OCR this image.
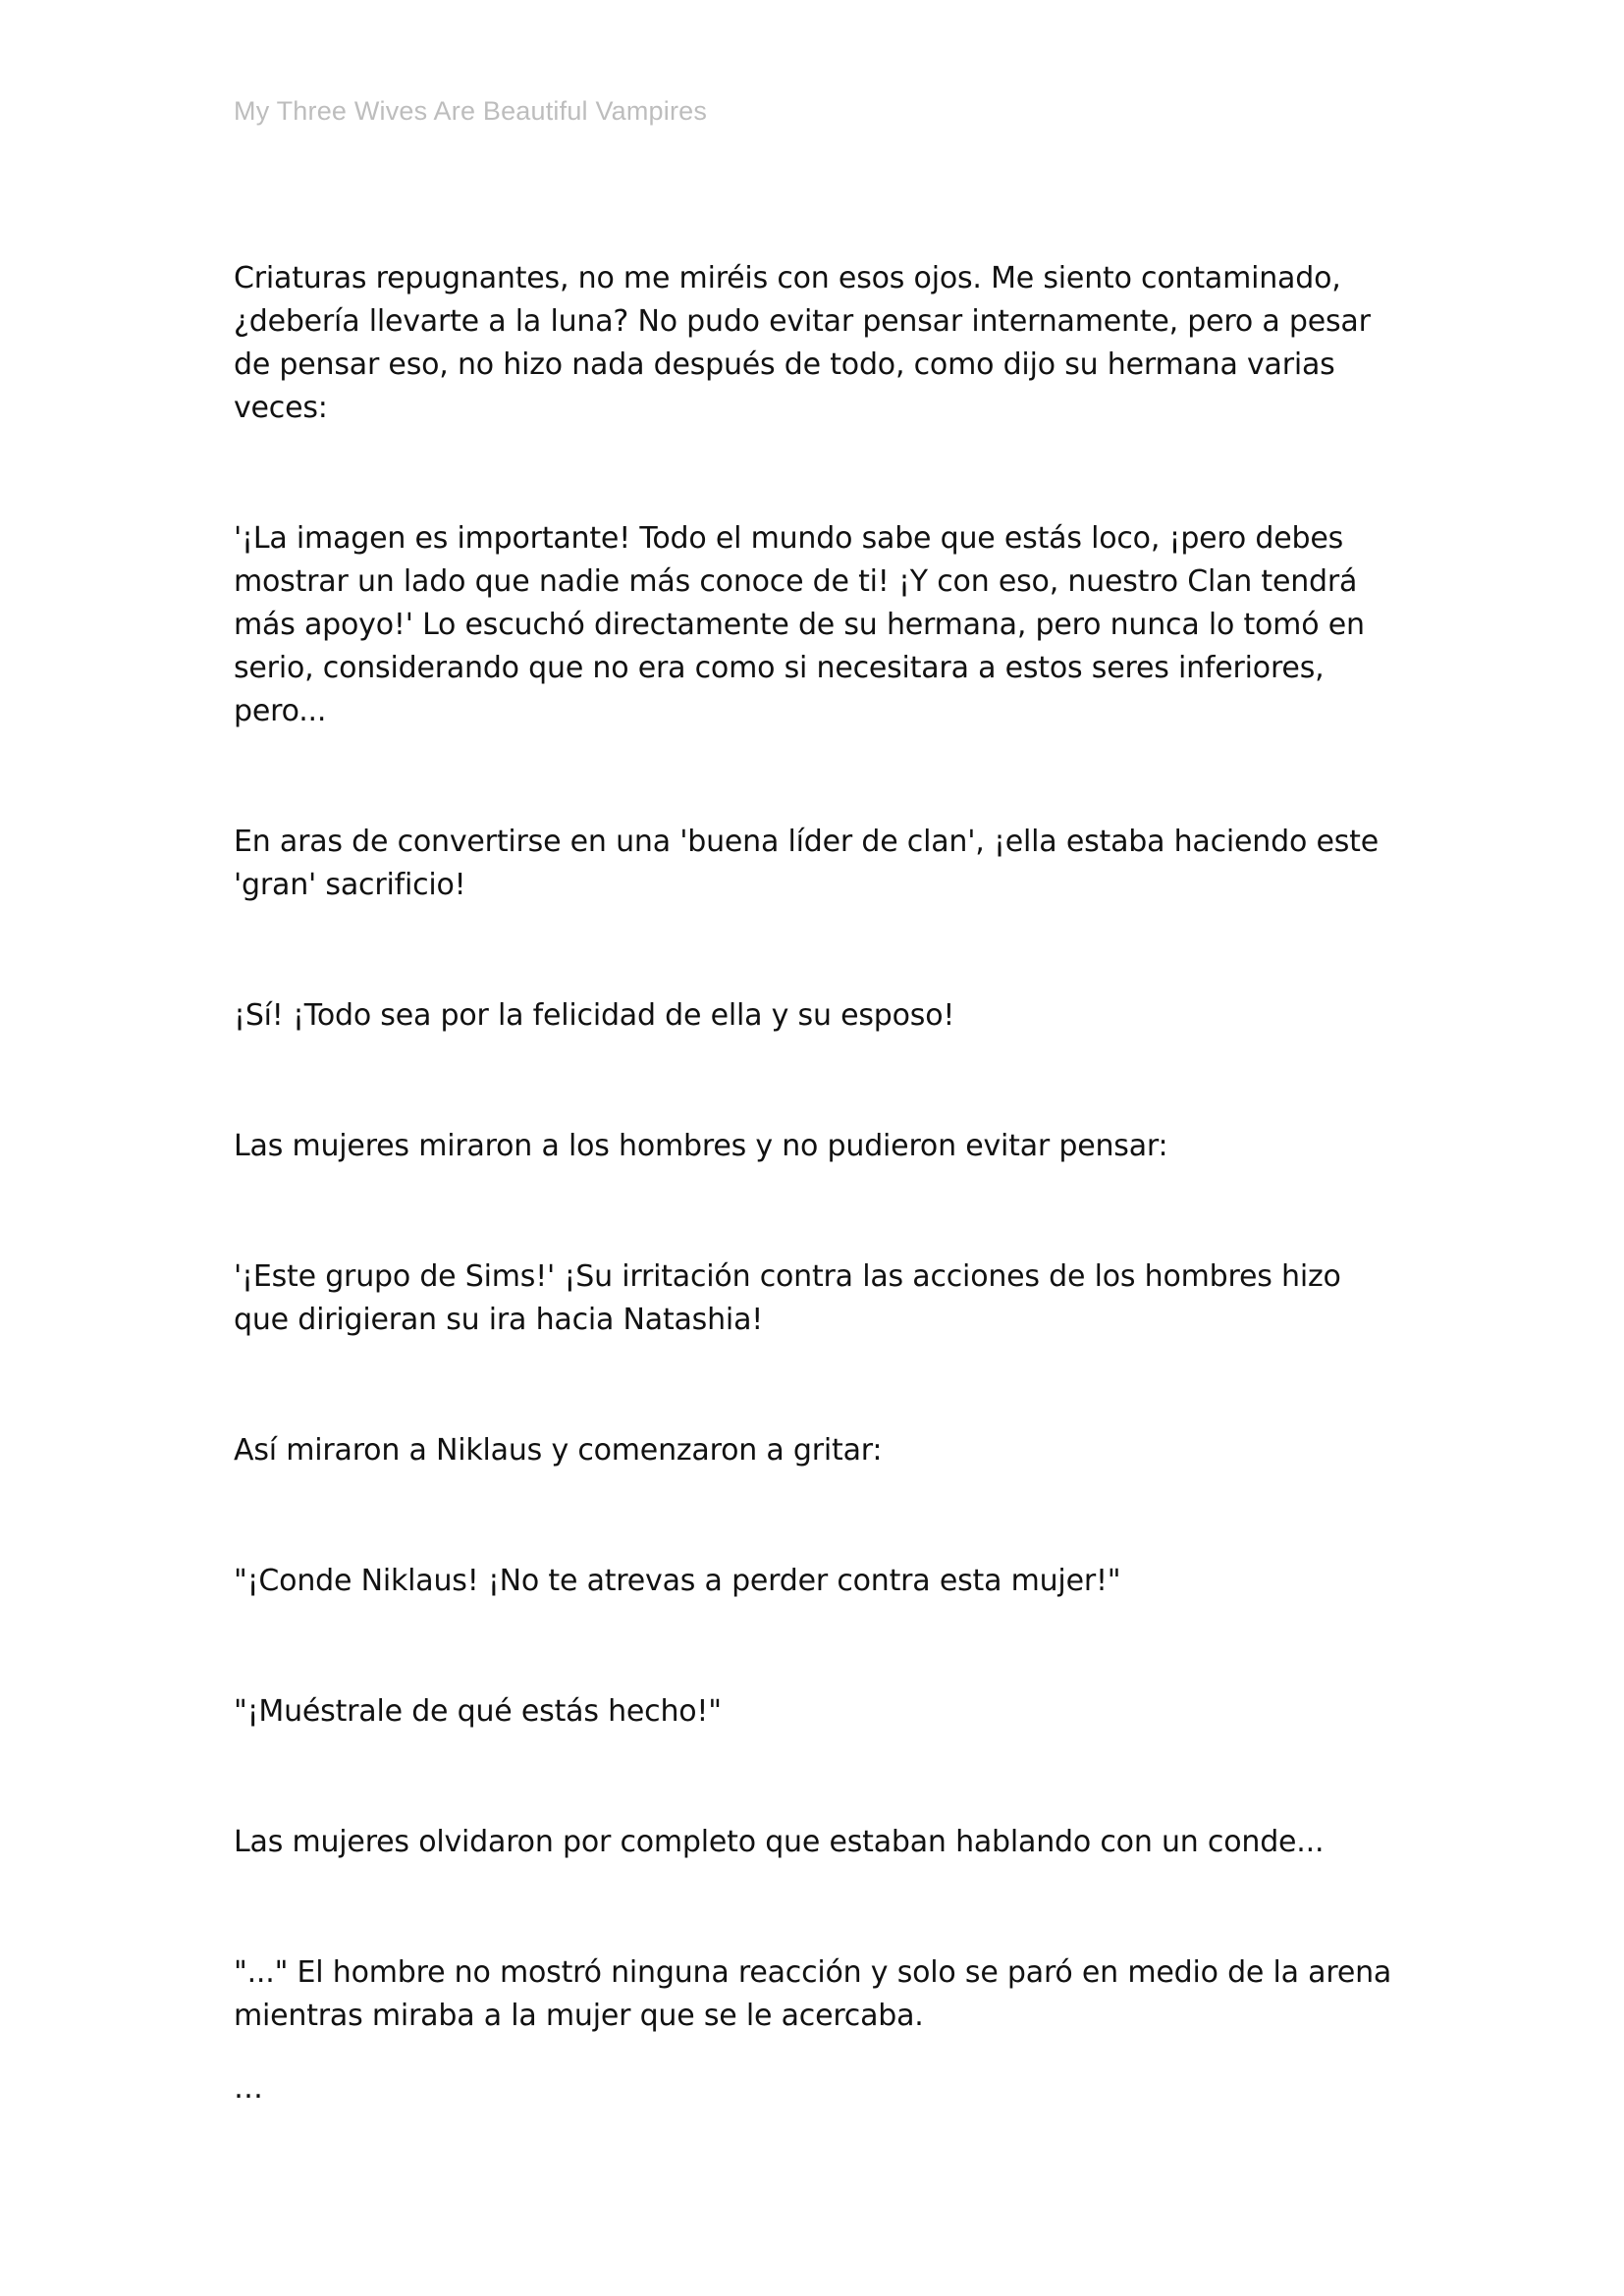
My Three Wives Are Beautiful Vampires

Criaturas repugnantes, no me miréis con esos ojos. Me siento contaminado, ¿debería llevarte a la luna? No pudo evitar pensar internamente, pero a pesar de pensar eso, no hizo nada después de todo, como dijo su hermana varias veces:

'¡La imagen es importante! Todo el mundo sabe que estás loco, ¡pero debes mostrar un lado que nadie más conoce de ti! ¡Y con eso, nuestro Clan tendrá más apoyo!' Lo escuchó directamente de su hermana, pero nunca lo tomó en serio, considerando que no era como si necesitara a estos seres inferiores, pero...

En aras de convertirse en una 'buena líder de clan', ¡ella estaba haciendo este 'gran' sacrificio!

¡Sí! ¡Todo sea por la felicidad de ella y su esposo!

Las mujeres miraron a los hombres y no pudieron evitar pensar:

'¡Este grupo de Sims!' ¡Su irritación contra las acciones de los hombres hizo que dirigieran su ira hacia Natashia!

Así miraron a Niklaus y comenzaron a gritar:

"¡Conde Niklaus! ¡No te atrevas a perder contra esta mujer!"

"¡Muéstrale de qué estás hecho!"

Las mujeres olvidaron por completo que estaban hablando con un conde...

"..." El hombre no mostró ninguna reacción y solo se paró en medio de la arena mientras miraba a la mujer que se le acercaba.

…
